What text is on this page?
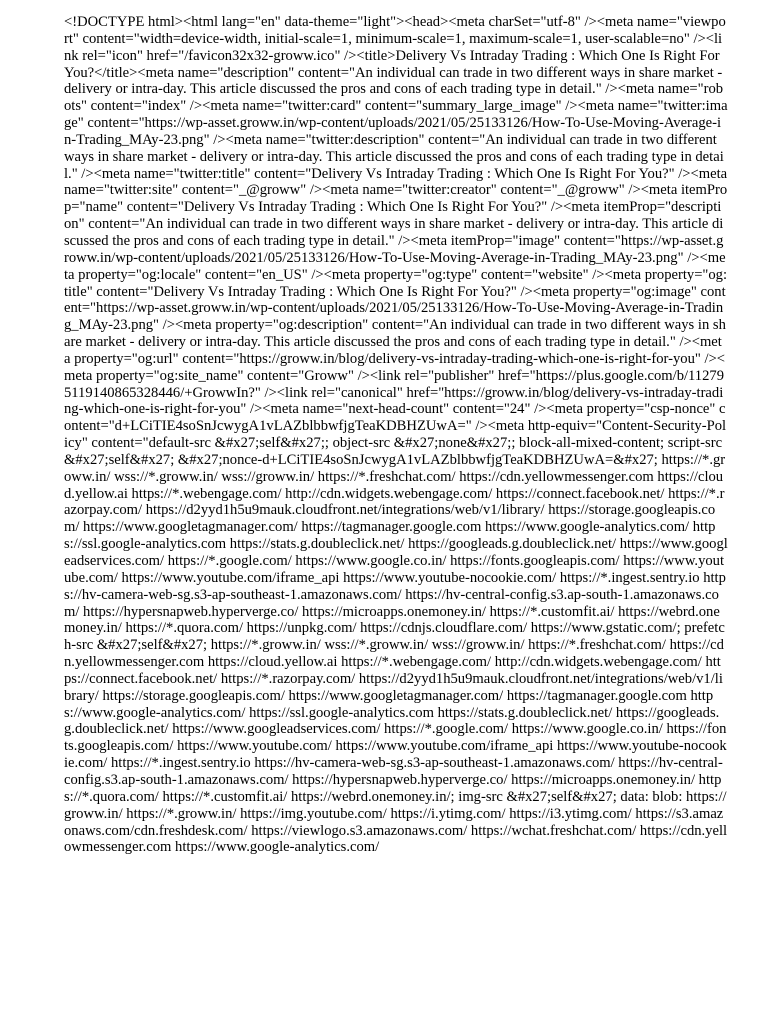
<!DOCTYPE html><html lang="en" data-theme="light"><head><meta charSet="utf-8" /><meta name="viewport" content="width=device-width, initial-scale=1, minimum-scale=1, maximum-scale=1, user-scalable=no" /><link rel="icon" href="/favicon32x32-groww.ico" /><title>Delivery Vs Intraday Trading : Which One Is Right For You?</title><meta name="description" content="An individual can trade in two different ways in share market - delivery or intra-day. This article discussed the pros and cons of each trading type in detail." /><meta name="robots" content="index" /><meta name="twitter:card" content="summary_large_image" /><meta name="twitter:image" content="https://wp-asset.groww.in/wp-content/uploads/2021/05/25133126/How-To-Use-Moving-Average-in-Trading_MAy-23.png" /><meta name="twitter:description" content="An individual can trade in two different ways in share market - delivery or intra-day. This article discussed the pros and cons of each trading type in detail." /><meta name="twitter:title" content="Delivery Vs Intraday Trading : Which One Is Right For You?" /><meta name="twitter:site" content="_@groww" /><meta name="twitter:creator" content="_@groww" /><meta itemProp="name" content="Delivery Vs Intraday Trading : Which One Is Right For You?" /><meta itemProp="description" content="An individual can trade in two different ways in share market - delivery or intra-day. This article discussed the pros and cons of each trading type in detail." /><meta itemProp="image" content="https://wp-asset.groww.in/wp-content/uploads/2021/05/25133126/How-To-Use-Moving-Average-in-Trading_MAy-23.png" /><meta property="og:locale" content="en_US" /><meta property="og:type" content="website" /><meta property="og:title" content="Delivery Vs Intraday Trading : Which One Is Right For You?" /><meta property="og:image" content="https://wp-asset.groww.in/wp-content/uploads/2021/05/25133126/How-To-Use-Moving-Average-in-Trading_MAy-23.png" /><meta property="og:description" content="An individual can trade in two different ways in share market - delivery or intra-day. This article discussed the pros and cons of each trading type in detail." /><meta property="og:url" content="https://groww.in/blog/delivery-vs-intraday-trading-which-one-is-right-for-you" /><meta property="og:site_name" content="Groww" /><link rel="publisher" href="https://plus.google.com/b/112795119140865328446/+GrowwIn?" /><link rel="canonical" href="https://groww.in/blog/delivery-vs-intraday-trading-which-one-is-right-for-you" /><meta name="next-head-count" content="24" /><meta property="csp-nonce" content="d+LCiTIE4soSnJcwygA1vLAZblbbwfjgTeaKDBHZUwA=" /><meta http-equiv="Content-Security-Policy" content="default-src &#x27;self&#x27;; object-src &#x27;none&#x27;; block-all-mixed-content; script-src &#x27;self&#x27; &#x27;nonce-d+LCiTIE4soSnJcwygA1vLAZblbbwfjgTeaKDBHZUwA=&#x27; https://*.groww.in/ wss://*.groww.in/ wss://groww.in/ https://*.freshchat.com/ https://cdn.yellowmessenger.com https://cloud.yellow.ai https://*.webengage.com/ http://cdn.widgets.webengage.com/ https://connect.facebook.net/ https://*.razorpay.com/ https://d2yyd1h5u9mauk.cloudfront.net/integrations/web/v1/library/ https://storage.googleapis.com/ https://www.googletagmanager.com/ https://tagmanager.google.com https://www.google-analytics.com/ https://ssl.google-analytics.com https://stats.g.doubleclick.net/ https://googleads.g.doubleclick.net/ https://www.googleadservices.com/ https://*.google.com/ https://www.google.co.in/ https://fonts.googleapis.com/ https://www.youtube.com/ https://www.youtube.com/iframe_api https://www.youtube-nocookie.com/ https://*.ingest.sentry.io https://hv-camera-web-sg.s3-ap-southeast-1.amazonaws.com/ https://hv-central-config.s3.ap-south-1.amazonaws.com/ https://hypersnapweb.hyperverge.co/ https://microapps.onemoney.in/ https://*.customfit.ai/ https://webrd.onemoney.in/ https://*.quora.com/ https://unpkg.com/ https://cdnjs.cloudflare.com/ https://www.gstatic.com/; prefetch-src &#x27;self&#x27; https://*.groww.in/ wss://*.groww.in/ wss://groww.in/ https://*.freshchat.com/ https://cdn.yellowmessenger.com https://cloud.yellow.ai https://*.webengage.com/ http://cdn.widgets.webengage.com/ https://connect.facebook.net/ https://*.razorpay.com/ https://d2yyd1h5u9mauk.cloudfront.net/integrations/web/v1/library/ https://storage.googleapis.com/ https://www.googletagmanager.com/ https://tagmanager.google.com https://www.google-analytics.com/ https://ssl.google-analytics.com https://stats.g.doubleclick.net/ https://googleads.g.doubleclick.net/ https://www.googleadservices.com/ https://*.google.com/ https://www.google.co.in/ https://fonts.googleapis.com/ https://www.youtube.com/ https://www.youtube.com/iframe_api https://www.youtube-nocookie.com/ https://*.ingest.sentry.io https://hv-camera-web-sg.s3-ap-southeast-1.amazonaws.com/ https://hv-central-config.s3.ap-south-1.amazonaws.com/ https://hypersnapweb.hyperverge.co/ https://microapps.onemoney.in/ https://*.quora.com/ https://*.customfit.ai/ https://webrd.onemoney.in/; img-src &#x27;self&#x27; data: blob: https://groww.in/ https://*.groww.in/ https://img.youtube.com/ https://i.ytimg.com/ https://i3.ytimg.com/ https://s3.amazonaws.com/cdn.freshdesk.com/ https://viewlogo.s3.amazonaws.com/ https://wchat.freshchat.com/ https://cdn.yellowmessenger.com https://www.google-analytics.com/
